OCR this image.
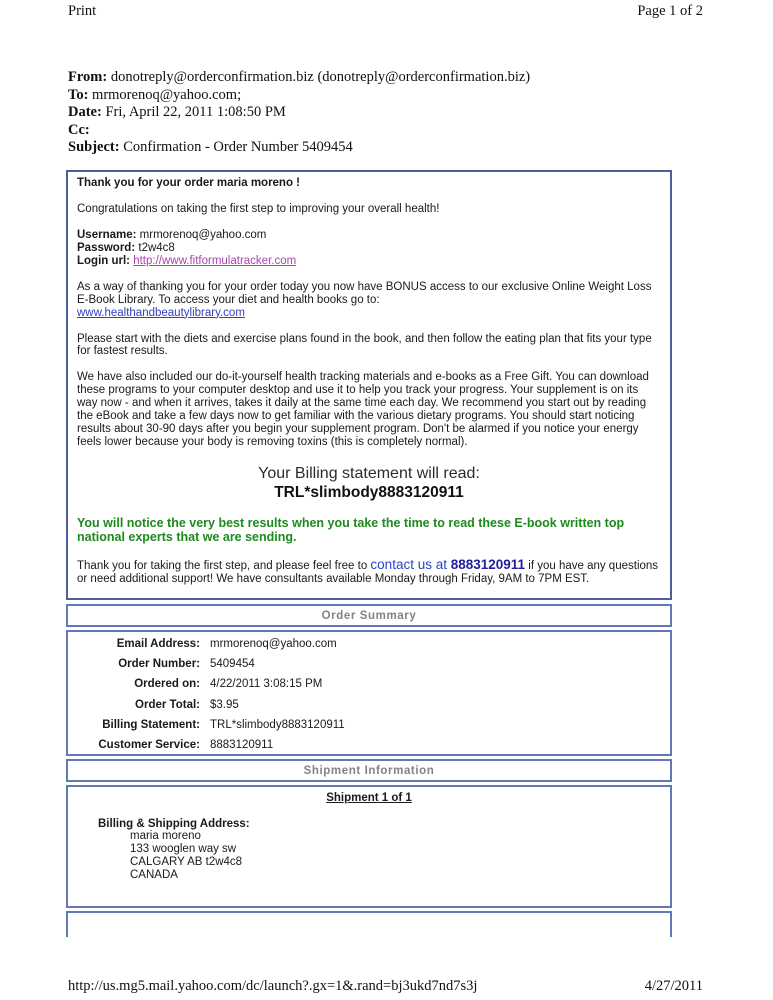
Print	Page 1 of 2
From: donotreply@orderconfirmation.biz (donotreply@orderconfirmation.biz)
To: mrmorenoq@yahoo.com;
Date: Fri, April 22, 2011 1:08:50 PM
Cc:
Subject: Confirmation - Order Number 5409454

Thank you for your order maria moreno !

Congratulations on taking the first step to improving your overall health!

Username: mrmorenoq@yahoo.com
Password: t2w4c8
Login url: http://www.fitformulatracker.com

As a way of thanking you for your order today you now have BONUS access to our exclusive Online Weight Loss E-Book Library. To access your diet and health books go to:
www.healthandbeautylibrary.com

Please start with the diets and exercise plans found in the book, and then follow the eating plan that fits your type for fastest results.

We have also included our do-it-yourself health tracking materials and e-books as a Free Gift. You can download these programs to your computer desktop and use it to help you track your progress. Your supplement is on its way now - and when it arrives, takes it daily at the same time each day. We recommend you start out by reading the eBook and take a few days now to get familiar with the various dietary programs. You should start noticing results about 30-90 days after you begin your supplement program. Don't be alarmed if you notice your energy feels lower because your body is removing toxins (this is completely normal).

Your Billing statement will read:
TRL*slimbody8883120911

You will notice the very best results when you take the time to read these E-book written top national experts that we are sending.

Thank you for taking the first step, and please feel free to contact us at 8883120911 if you have any questions or need additional support! We have consultants available Monday through Friday, 9AM to 7PM EST.

Order Summary
Email Address: mrmorenoq@yahoo.com
Order Number: 5409454
Ordered on: 4/22/2011 3:08:15 PM
Order Total: $3.95
Billing Statement: TRL*slimbody8883120911
Customer Service: 8883120911
Shipment Information
Shipment 1 of 1
Billing & Shipping Address:
maria moreno
133 wooglen way sw
CALGARY AB t2w4c8
CANADA
http://us.mg5.mail.yahoo.com/dc/launch?.gx=1&.rand=bj3ukd7nd7s3j	4/27/2011
